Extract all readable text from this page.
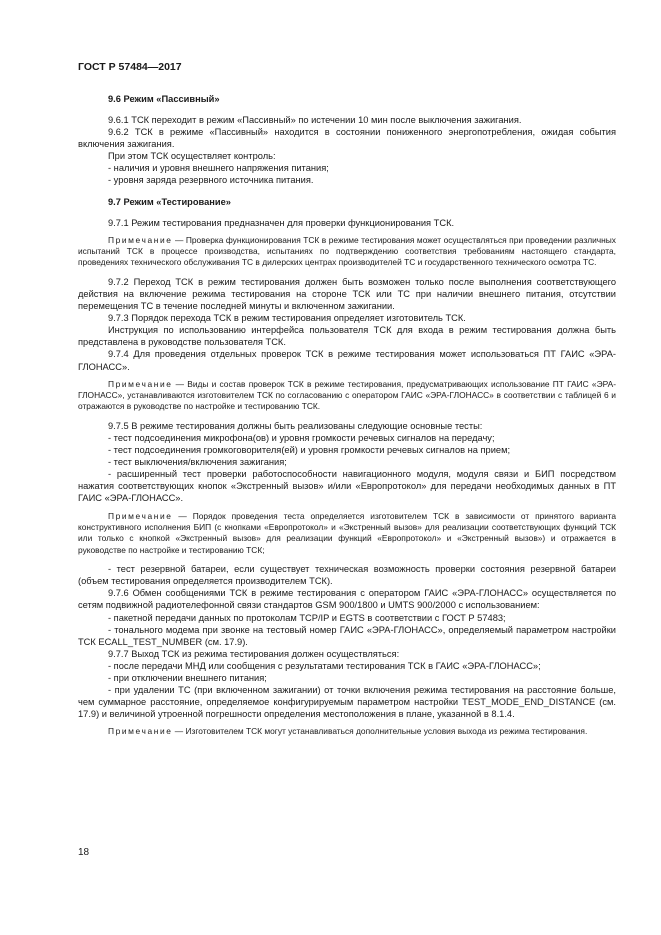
ГОСТ Р 57484—2017
9.6 Режим «Пассивный»

9.6.1 ТСК переходит в режим «Пассивный» по истечении 10 мин после выключения зажигания.

9.6.2 ТСК в режиме «Пассивный» находится в состоянии пониженного энергопотребления, ожидая события включения зажигания.

При этом ТСК осуществляет контроль:

- наличия и уровня внешнего напряжения питания;

- уровня заряда резервного источника питания.

9.7 Режим «Тестирование»

9.7.1 Режим тестирования предназначен для проверки функционирования ТСК.

Примечание — Проверка функционирования ТСК в режиме тестирования может осуществляться при проведении различных испытаний ТСК в процессе производства, испытаниях по подтверждению соответствия требованиям настоящего стандарта, проведениях технического обслуживания ТС в дилерских центрах производителей ТС и государственного технического осмотра ТС.

9.7.2 Переход ТСК в режим тестирования должен быть возможен только после выполнения соответствующего действия на включение режима тестирования на стороне ТСК или ТС при наличии внешнего питания, отсутствии перемещения ТС в течение последней минуты и включенном зажигании.

9.7.3 Порядок перехода ТСК в режим тестирования определяет изготовитель ТСК.

Инструкция по использованию интерфейса пользователя ТСК для входа в режим тестирования должна быть представлена в руководстве пользователя ТСК.

9.7.4 Для проведения отдельных проверок ТСК в режиме тестирования может использоваться ПТ ГАИС «ЭРА-ГЛОНАСС».

Примечание — Виды и состав проверок ТСК в режиме тестирования, предусматривающих использование ПТ ГАИС «ЭРА-ГЛОНАСС», устанавливаются изготовителем ТСК по согласованию с оператором ГАИС «ЭРА-ГЛОНАСС» в соответствии с таблицей 6 и отражаются в руководстве по настройке и тестированию ТСК.

9.7.5 В режиме тестирования должны быть реализованы следующие основные тесты:

- тест подсоединения микрофона(ов) и уровня громкости речевых сигналов на передачу;

- тест подсоединения громкоговорителя(ей) и уровня громкости речевых сигналов на прием;

- тест выключения/включения зажигания;

- расширенный тест проверки работоспособности навигационного модуля, модуля связи и БИП посредством нажатия соответствующих кнопок «Экстренный вызов» и/или «Европротокол» для передачи необходимых данных в ПТ ГАИС «ЭРА-ГЛОНАСС».

Примечание — Порядок проведения теста определяется изготовителем ТСК в зависимости от принятого варианта конструктивного исполнения БИП (с кнопками «Европротокол» и «Экстренный вызов» для реализации соответствующих функций ТСК или только с кнопкой «Экстренный вызов» для реализации функций «Европротокол» и «Экстренный вызов») и отражается в руководстве по настройке и тестированию ТСК;

- тест резервной батареи, если существует техническая возможность проверки состояния резервной батареи (объем тестирования определяется производителем ТСК).

9.7.6 Обмен сообщениями ТСК в режиме тестирования с оператором ГАИС «ЭРА-ГЛОНАСС» осуществляется по сетям подвижной радиотелефонной связи стандартов GSM 900/1800 и UMTS 900/2000 с использованием:

- пакетной передачи данных по протоколам TCP/IP и EGTS в соответствии с ГОСТ Р 57483;

- тонального модема при звонке на тестовый номер ГАИС «ЭРА-ГЛОНАСС», определяемый параметром настройки ТСК ECALL_TEST_NUMBER (см. 17.9).

9.7.7 Выход ТСК из режима тестирования должен осуществляться:

- после передачи МНД или сообщения с результатами тестирования ТСК в ГАИС «ЭРА-ГЛОНАСС»;

- при отключении внешнего питания;

- при удалении ТС (при включенном зажигании) от точки включения режима тестирования на расстояние больше, чем суммарное расстояние, определяемое конфигурируемым параметром настройки TEST_MODE_END_DISTANCE (см. 17.9) и величиной утроенной погрешности определения местоположения в плане, указанной в 8.1.4.

Примечание — Изготовителем ТСК могут устанавливаться дополнительные условия выхода из режима тестирования.

18
